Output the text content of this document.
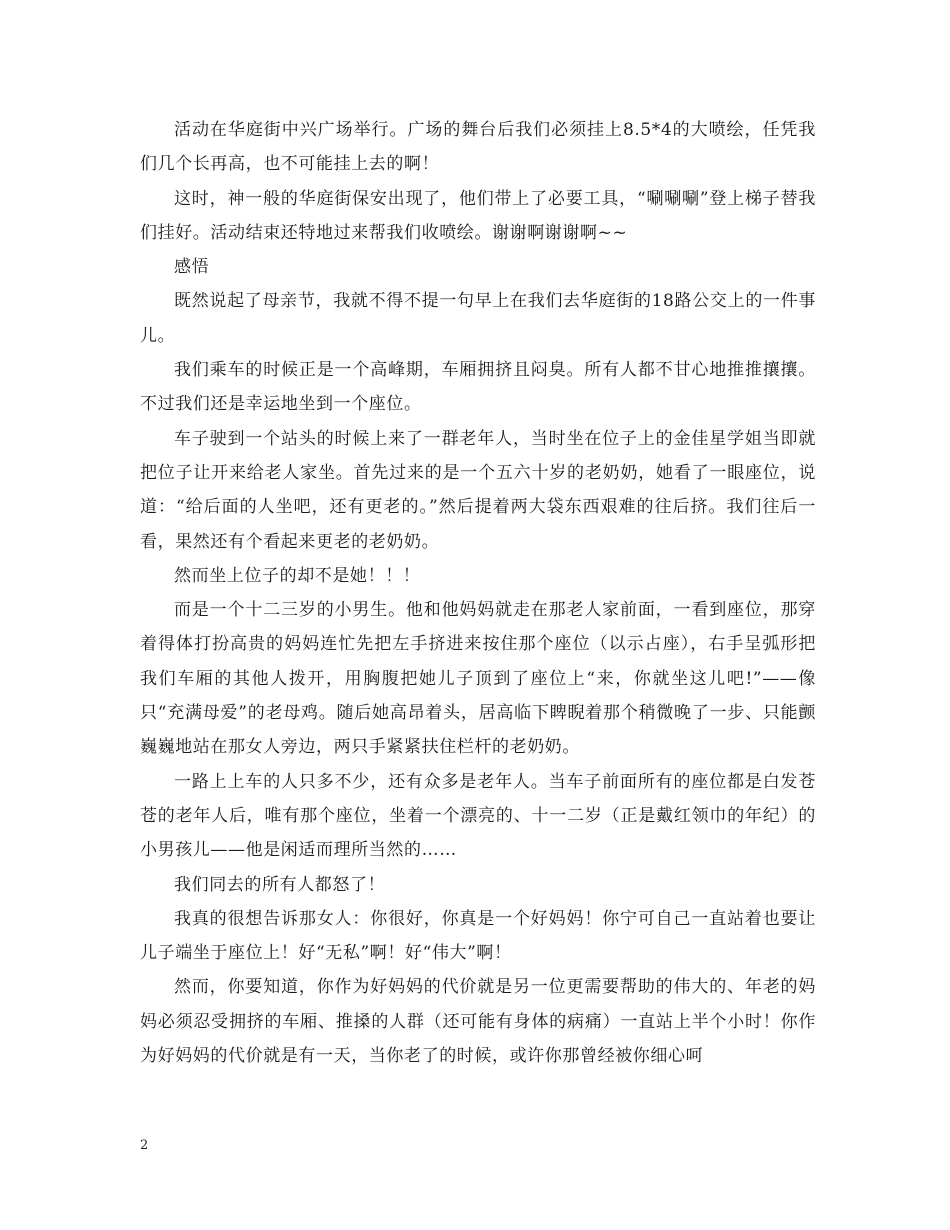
活动在华庭街中兴广场举行。广场的舞台后我们必须挂上8.5*4的大喷绘，任凭我们几个长再高，也不可能挂上去的啊！

这时，神一般的华庭街保安出现了，他们带上了必要工具，“唰唰唰”登上梯子替我们挂好。活动结束还特地过来帮我们收喷绘。谢谢啊谢谢啊~~

感悟

既然说起了母亲节，我就不得不提一句早上在我们去华庭街的18路公交上的一件事儿。

我们乘车的时候正是一个高峰期，车厢拥挤且闷臭。所有人都不甘心地推推攘攘。不过我们还是幸运地坐到一个座位。

车子驶到一个站头的时候上来了一群老年人，当时坐在位子上的金佳星学姐当即就把位子让开来给老人家坐。首先过来的是一个五六十岁的老奶奶，她看了一眼座位，说道：“给后面的人坐吧，还有更老的。”然后提着两大袋东西艰难的往后挤。我们往后一看，果然还有个看起来更老的老奶奶。

然而坐上位子的却不是她！！！

而是一个十二三岁的小男生。他和他妈妈就走在那老人家前面，一看到座位，那穿着得体打扮高贵的妈妈连忙先把左手挤进来按住那个座位（以示占座），右手呈弧形把我们车厢的其他人拨开，用胸腹把她儿子顶到了座位上“来，你就坐这儿吧!”——像只“充满母爱”的老母鸡。随后她高昂着头，居高临下睥睨着那个稍微晚了一步、只能颤巍巍地站在那女人旁边，两只手紧紧扶住栏杆的老奶奶。

一路上上车的人只多不少，还有众多是老年人。当车子前面所有的座位都是白发苍苍的老年人后，唯有那个座位，坐着一个漂亮的、十一二岁（正是戴红领巾的年纪）的小男孩儿——他是闲适而理所当然的……

我们同去的所有人都怒了！

我真的很想告诉那女人：你很好，你真是一个好妈妈！你宁可自己一直站着也要让儿子端坐于座位上！好“无私”啊！好“伟大”啊！

然而，你要知道，你作为好妈妈的代价就是另一位更需要帮助的伟大的、年老的妈妈必须忍受拥挤的车厢、推搡的人群（还可能有身体的病痛）一直站上半个小时！你作为好妈妈的代价就是有一天，当你老了的时候，或许你那曾经被你细心呵

2
